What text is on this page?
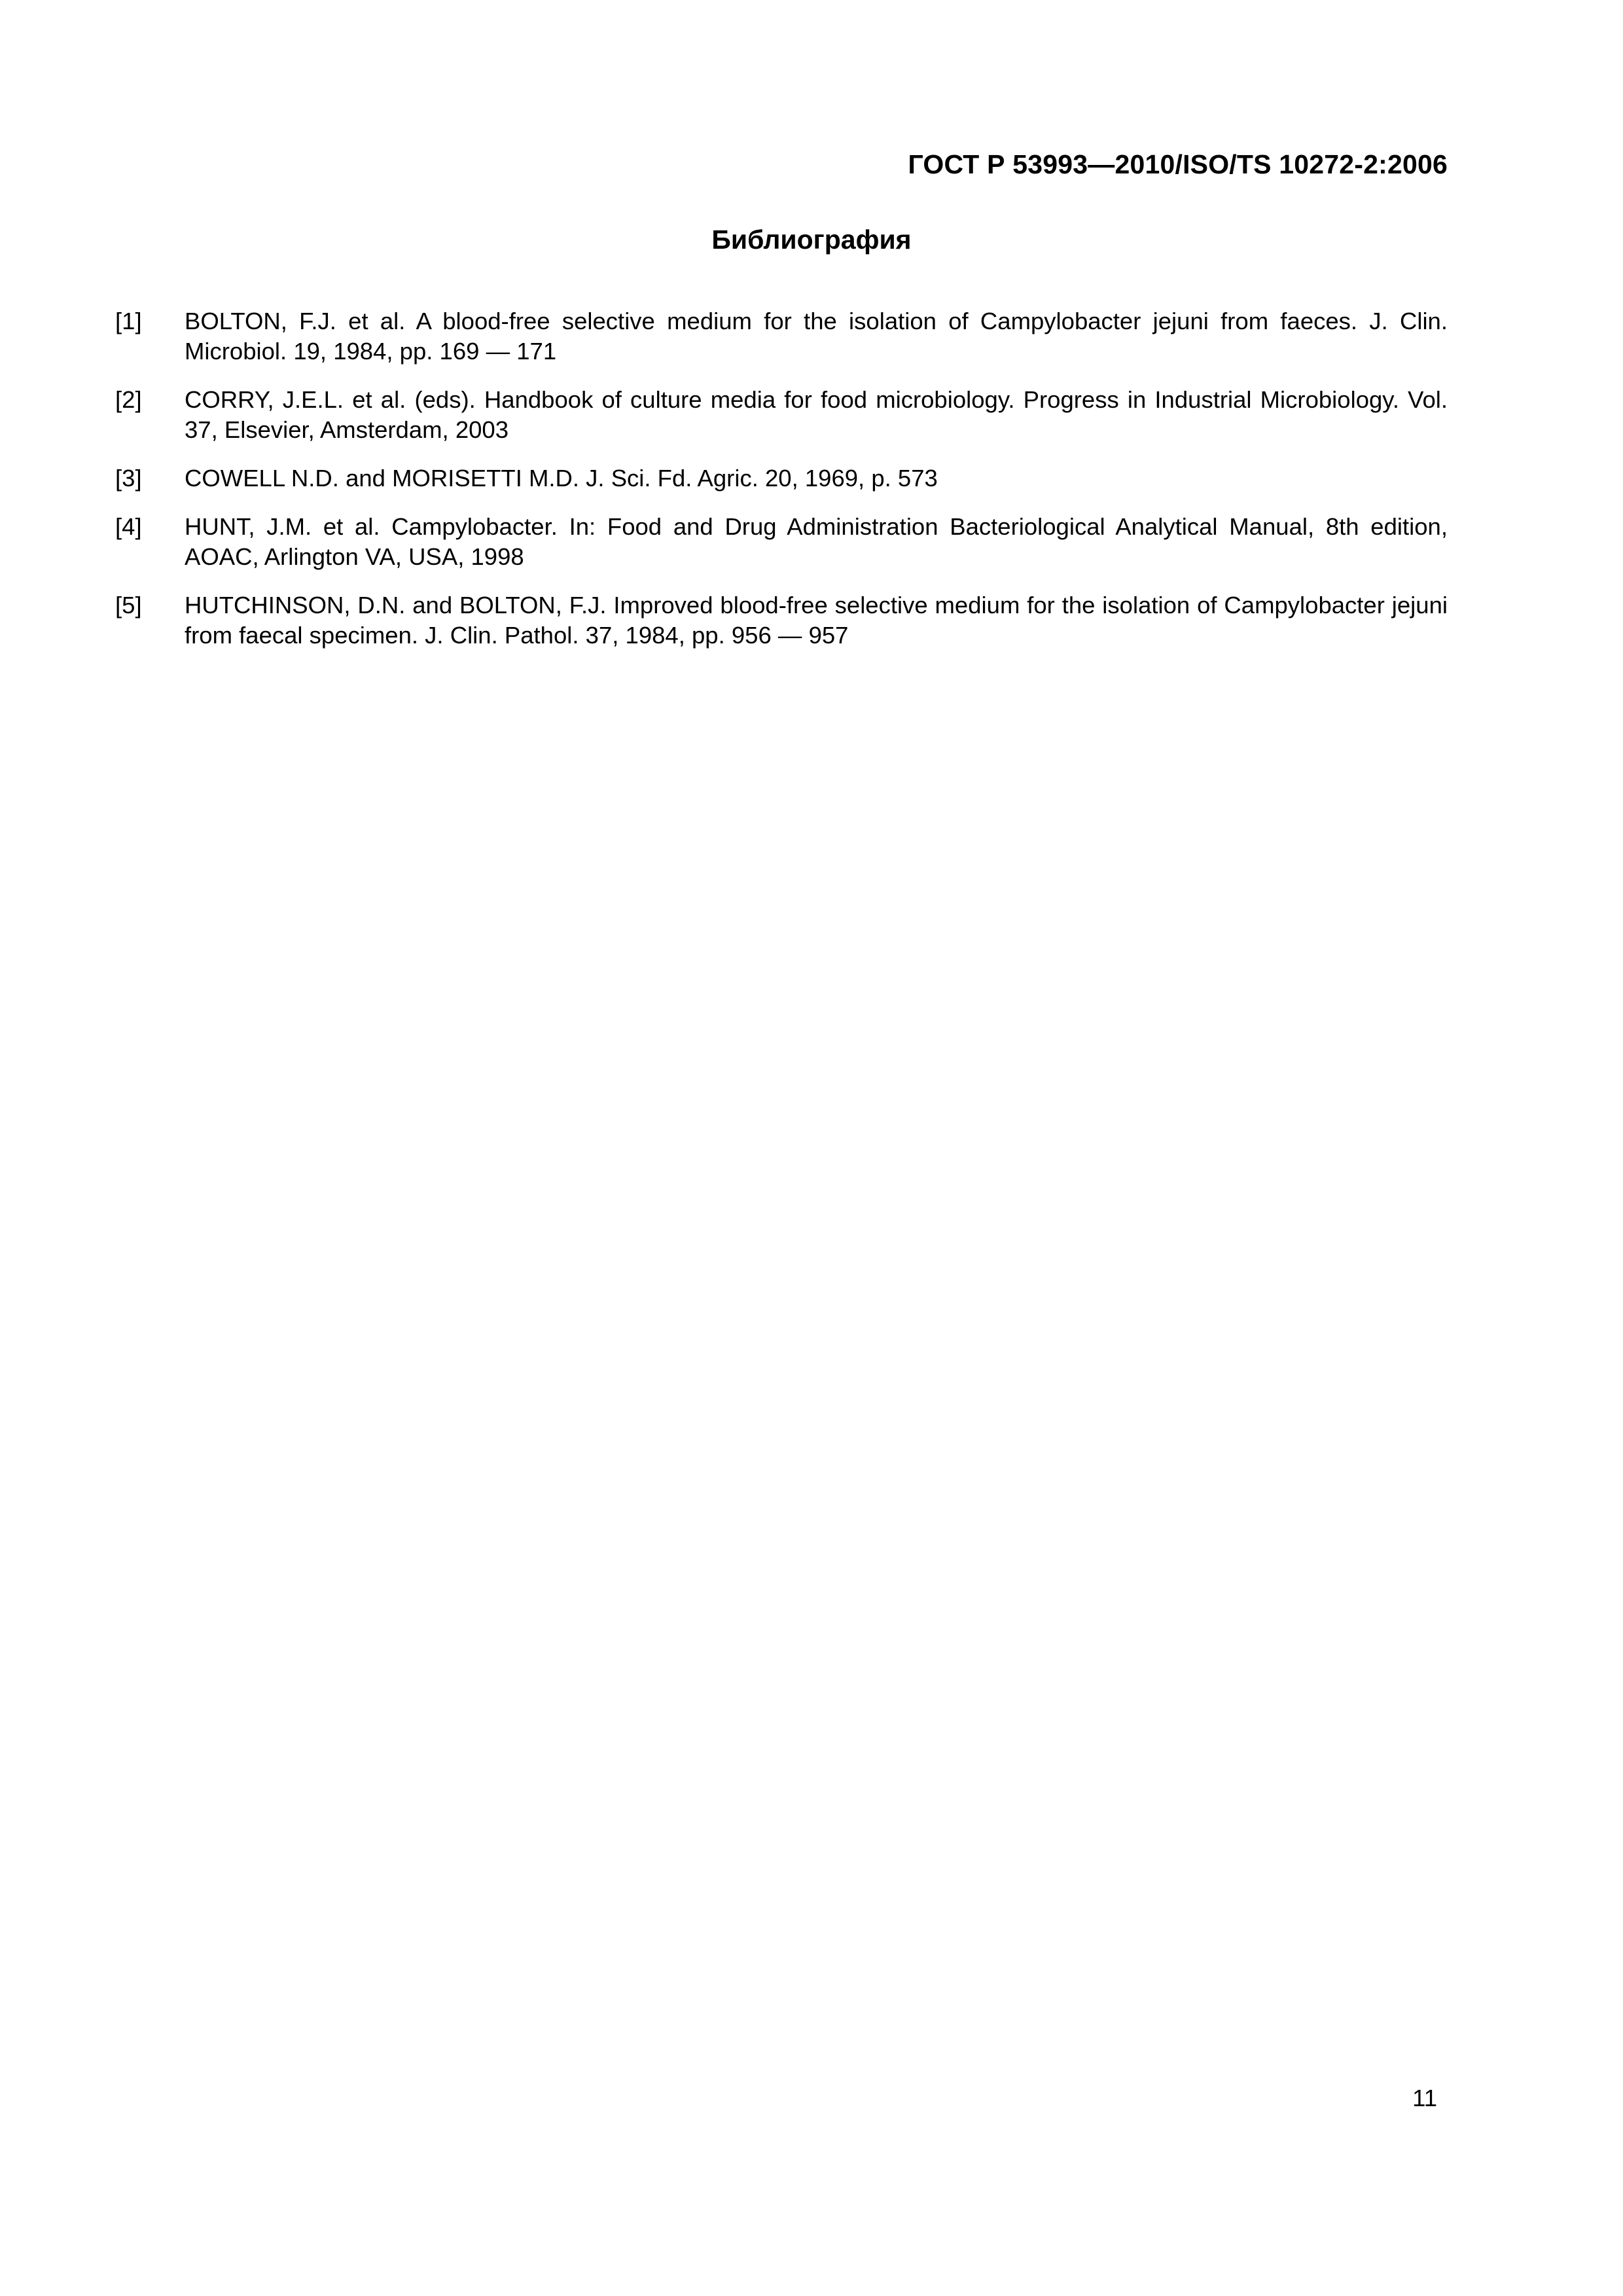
ГОСТ Р 53993—2010/ISO/TS 10272-2:2006
Библиография
[1]	BOLTON, F.J. et al. A blood-free selective medium for the isolation of Campylobacter jejuni from faeces. J. Clin. Microbiol. 19, 1984, pp. 169 — 171
[2]	CORRY, J.E.L. et al. (eds). Handbook of culture media for food microbiology. Progress in Industrial Microbiology. Vol. 37, Elsevier, Amsterdam, 2003
[3]	COWELL N.D. and MORISETTI M.D. J. Sci. Fd. Agric. 20, 1969, p. 573
[4]	HUNT, J.M. et al. Campylobacter. In: Food and Drug Administration Bacteriological Analytical Manual, 8th edition, AOAC, Arlington VA, USA, 1998
[5]	HUTCHINSON, D.N. and BOLTON, F.J. Improved blood-free selective medium for the isolation of Campylobacter jejuni from faecal specimen. J. Clin. Pathol. 37, 1984, pp. 956 — 957
11
